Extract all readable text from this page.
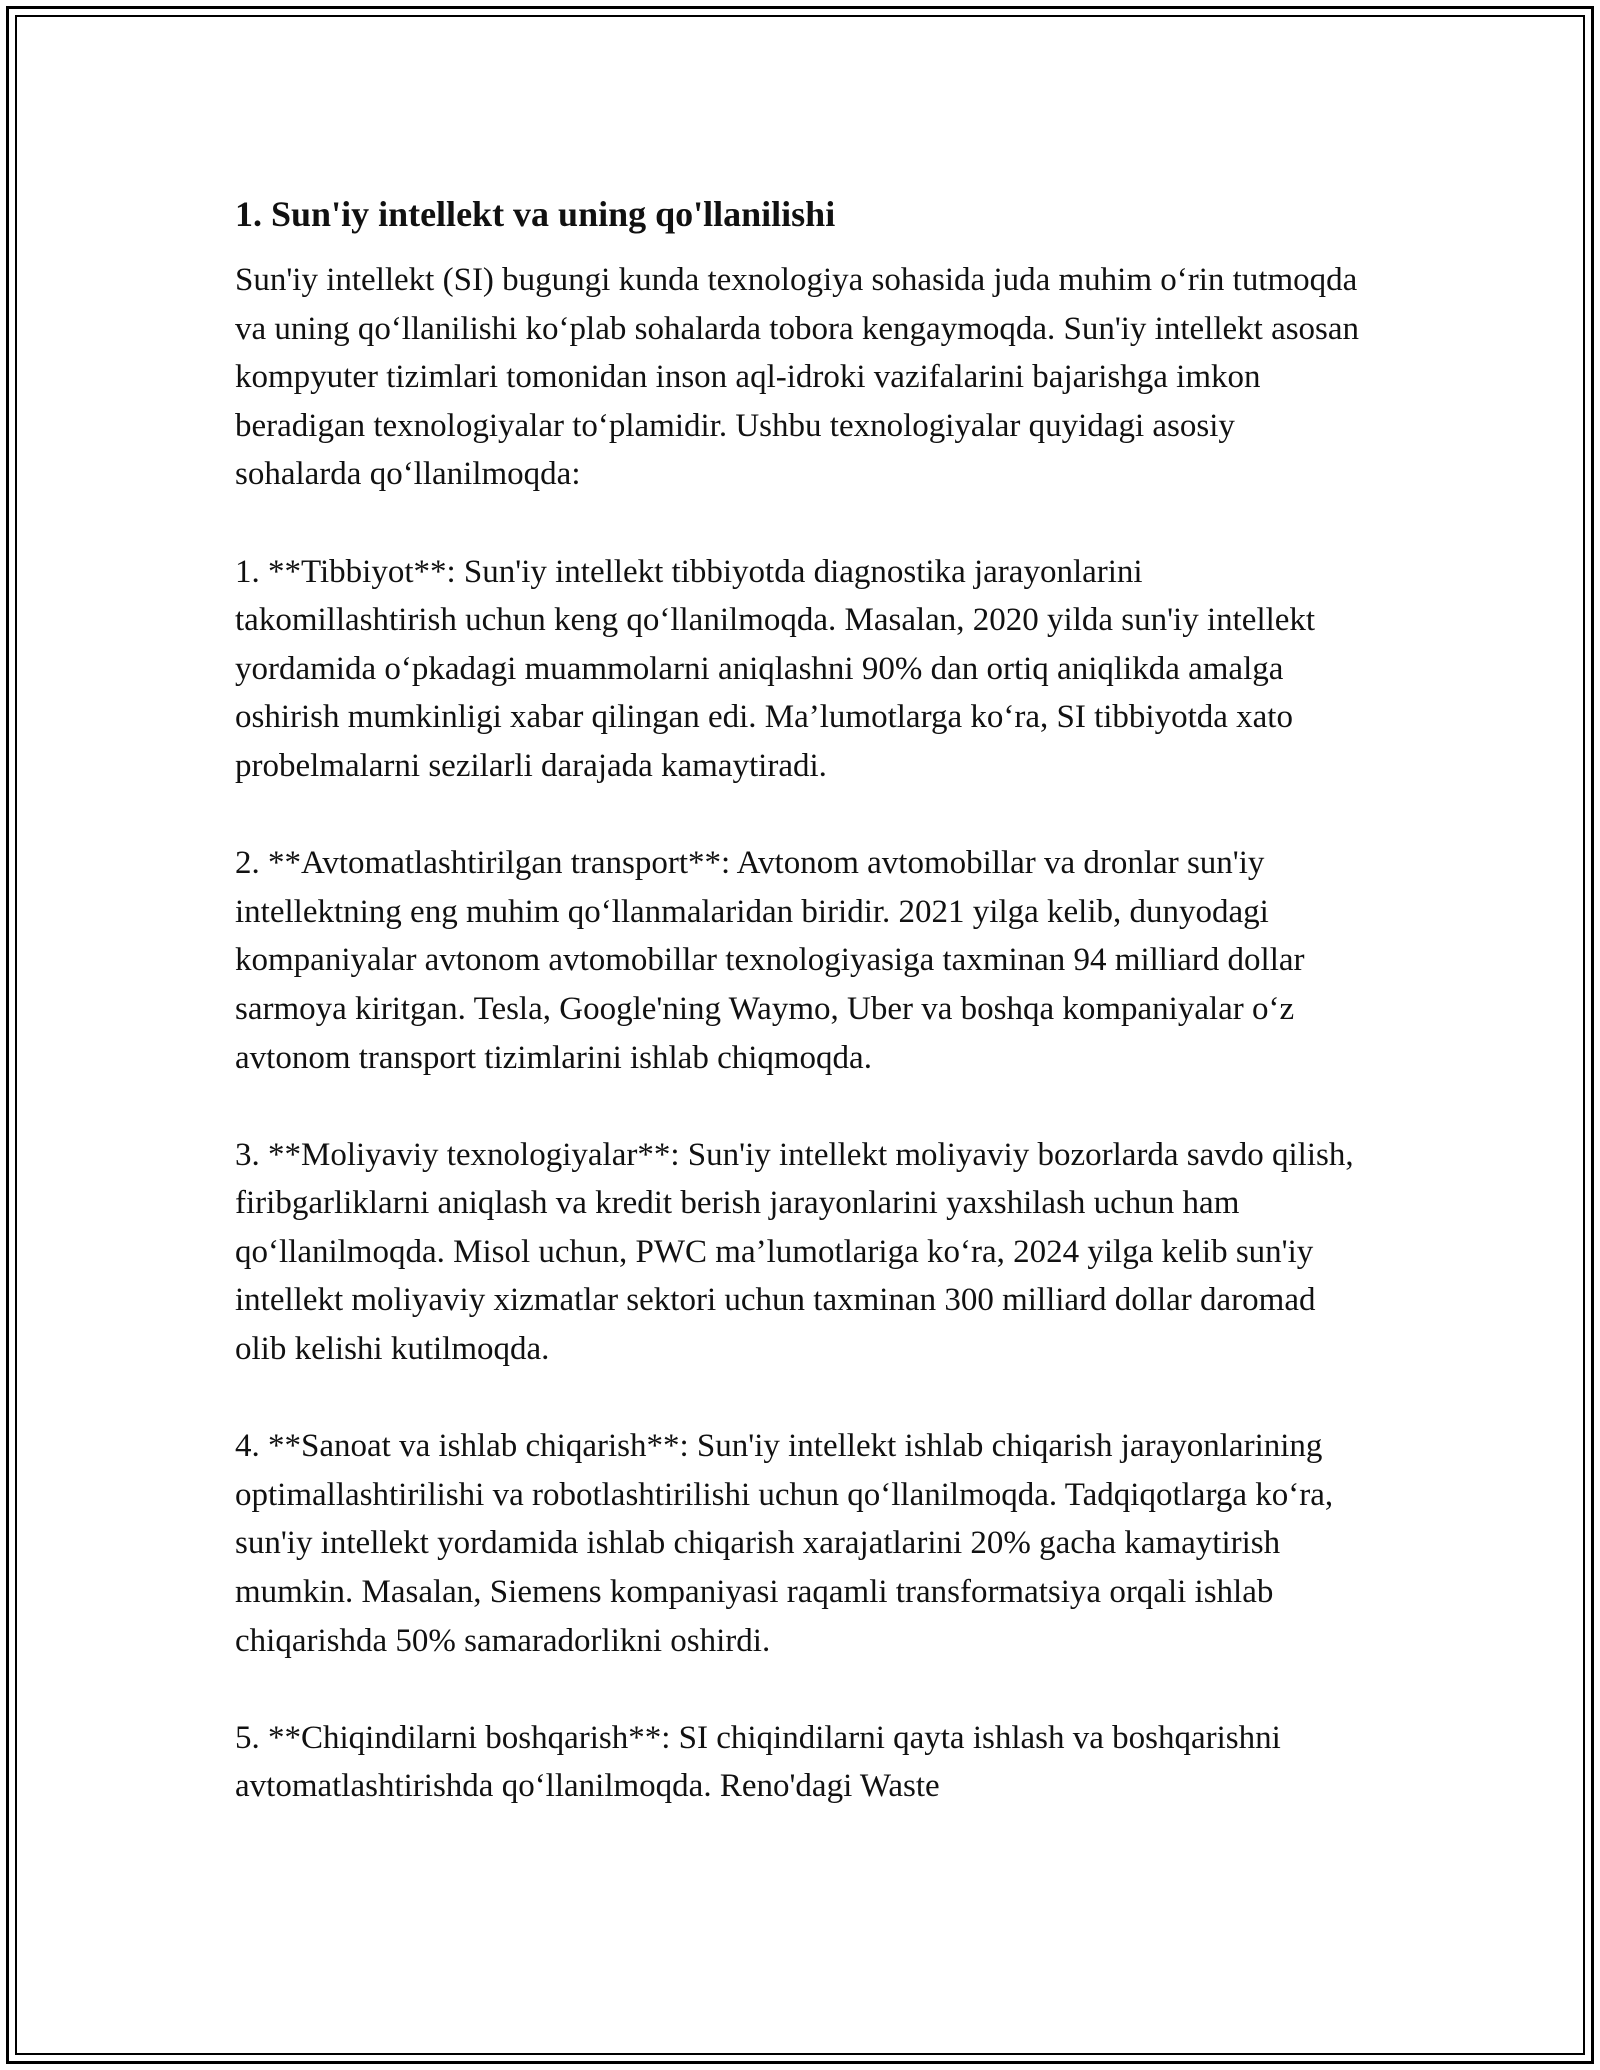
1. Sun'iy intellekt va uning qo'llanilishi

Sun'iy intellekt (SI) bugungi kunda texnologiya sohasida juda muhim o‘rin tutmoqda va uning qo‘llanilishi ko‘plab sohalarda tobora kengaymoqda. Sun'iy intellekt asosan kompyuter tizimlari tomonidan inson aql-idroki vazifalarini bajarishga imkon beradigan texnologiyalar to‘plamidir. Ushbu texnologiyalar quyidagi asosiy sohalarda qo‘llanilmoqda:

1. **Tibbiyot**: Sun'iy intellekt tibbiyotda diagnostika jarayonlarini takomillashtirish uchun keng qo‘llanilmoqda. Masalan, 2020 yilda sun'iy intellekt yordamida o‘pkadagi muammolarni aniqlashni 90% dan ortiq aniqlikda amalga oshirish mumkinligi xabar qilingan edi. Ma’lumotlarga ko‘ra, SI tibbiyotda xato probelmalarni sezilarli darajada kamaytiradi.

2. **Avtomatlashtirilgan transport**: Avtonom avtomobillar va dronlar sun'iy intellektning eng muhim qo‘llanmalaridan biridir. 2021 yilga kelib, dunyodagi kompaniyalar avtonom avtomobillar texnologiyasiga taxminan 94 milliard dollar sarmoya kiritgan. Tesla, Google'ning Waymo, Uber va boshqa kompaniyalar o‘z avtonom transport tizimlarini ishlab chiqmoqda.

3. **Moliyaviy texnologiyalar**: Sun'iy intellekt moliyaviy bozorlarda savdo qilish, firibgarliklarni aniqlash va kredit berish jarayonlarini yaxshilash uchun ham qo‘llanilmoqda. Misol uchun, PWC ma’lumotlariga ko‘ra, 2024 yilga kelib sun'iy intellekt moliyaviy xizmatlar sektori uchun taxminan 300 milliard dollar daromad olib kelishi kutilmoqda.

4. **Sanoat va ishlab chiqarish**: Sun'iy intellekt ishlab chiqarish jarayonlarining optimallashtirilishi va robotlashtirilishi uchun qo‘llanilmoqda. Tadqiqotlarga ko‘ra, sun'iy intellekt yordamida ishlab chiqarish xarajatlarini 20% gacha kamaytirish mumkin. Masalan, Siemens kompaniyasi raqamli transformatsiya orqali ishlab chiqarishda 50% samaradorlikni oshirdi.

5. **Chiqindilarni boshqarish**: SI chiqindilarni qayta ishlash va boshqarishni avtomatlashtirishda qo‘llanilmoqda. Reno'dagi Waste
